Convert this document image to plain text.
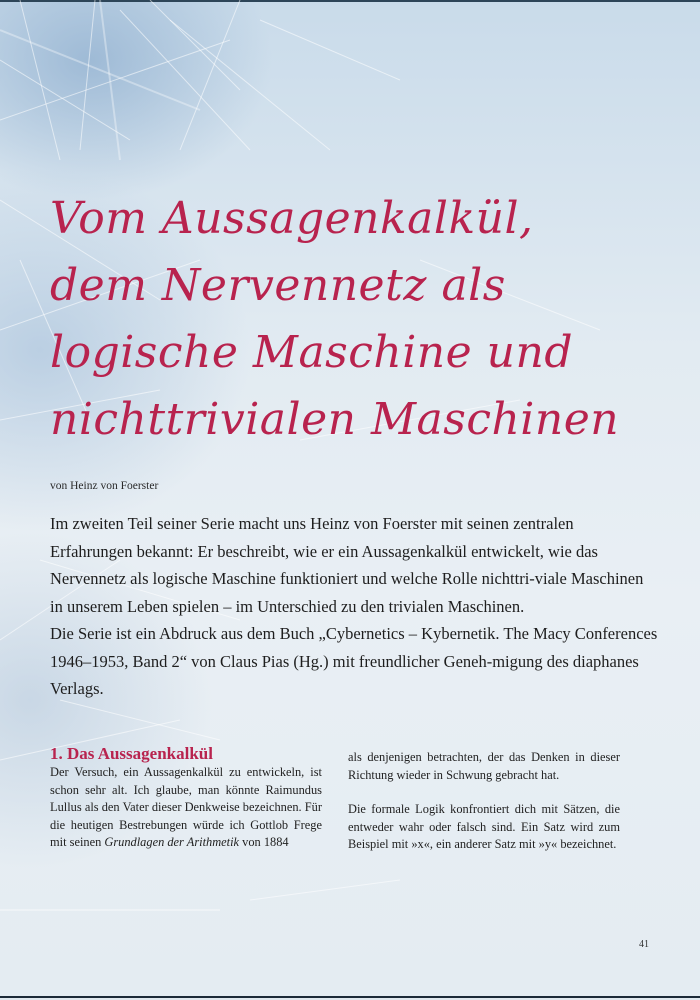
Vom Aussagenkalkül,
dem Nervennetz als
logische Maschine und
nichttrivialen Maschinen
von Heinz von Foerster

Im zweiten Teil seiner Serie macht uns Heinz von Foerster mit seinen zentralen Erfahrungen bekannt: Er beschreibt, wie er ein Aussagenkalkül entwickelt, wie das Nervennetz als logische Maschine funktioniert und welche Rolle nichttri-viale Maschinen in unserem Leben spielen – im Unterschied zu den trivialen Maschinen.

Die Serie ist ein Abdruck aus dem Buch „Cybernetics – Kybernetik. The Macy Conferences 1946–1953, Band 2“ von Claus Pias (Hg.) mit freundlicher Geneh-migung des diaphanes Verlags.

1. Das Aussagenkalkül

Der Versuch, ein Aussagenkalkül zu entwickeln, ist schon sehr alt. Ich glaube, man könnte Raimundus Lullus als den Vater dieser Denkweise bezeichnen. Für die heutigen Bestrebungen würde ich Gottlob Frege mit seinen Grundlagen der Arithmetik von 1884

als denjenigen betrachten, der das Denken in dieser Richtung wieder in Schwung gebracht hat.

Die formale Logik konfrontiert dich mit Sätzen, die entweder wahr oder falsch sind. Ein Satz wird zum Beispiel mit »x«, ein anderer Satz mit »y« bezeichnet.

41
